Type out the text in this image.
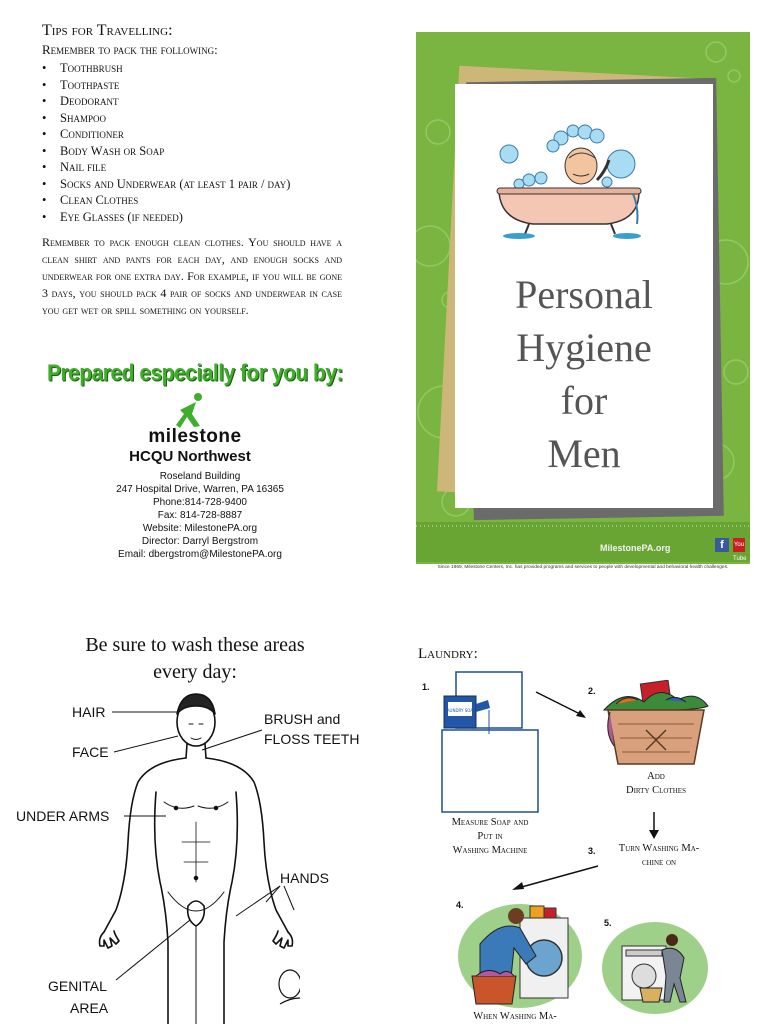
Tips for Travelling:
Remember to pack the following:
• Toothbrush
• Toothpaste
• Deodorant
• Shampoo
• Conditioner
• Body Wash or Soap
• Nail file
• Socks and Underwear (at least 1 pair / day)
• Clean Clothes
• Eye Glasses (if needed)
Remember to pack enough clean clothes. You should have a clean shirt and pants for each day, and enough socks and underwear for one extra day. For example, if you will be gone 3 days, you should pack 4 pair of socks and underwear in case you get wet or spill something on yourself.
Prepared especially for you by:
milestone
HCQU Northwest
Roseland Building
247 Hospital Drive, Warren, PA 16365
Phone:814-728-9400
Fax: 814-728-8887
Website: MilestonePA.org
Director: Darryl Bergstrom
Email: dbergstrom@MilestonePA.org
Personal
Hygiene
for
Men
MilestonePA.org	f	You Tube
Since 1969, Milestone Centers, Inc. has provided programs and services to people with developmental and behavioral health challenges.
Be sure to wash these areas
every day:
HAIR
FACE
BRUSH and
FLOSS TEETH
UNDER ARMS
HANDS
GENITAL
AREA
Laundry:
1.
LAUNDRY SOAP
Measure Soap and
Put in
Washing Machine
2.
Add
Dirty Clothes
3.	Turn Washing Ma-
chine on
4.
When Washing Ma-
5.
